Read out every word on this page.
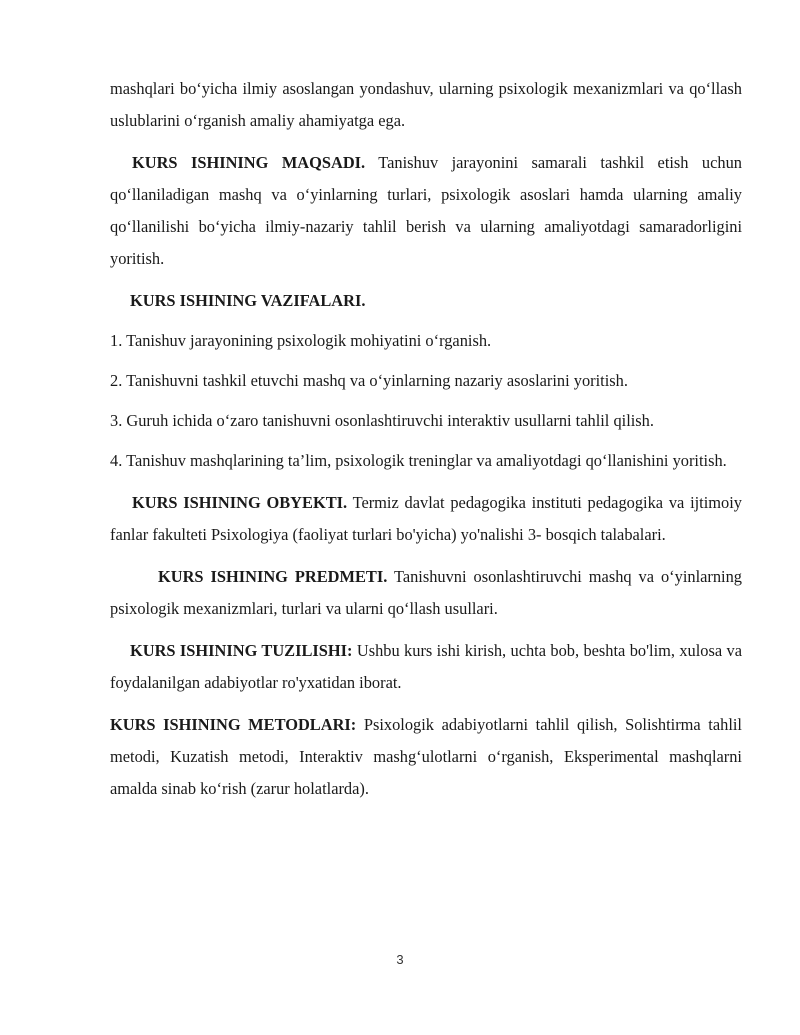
mashqlari bo‘yicha ilmiy asoslangan yondashuv, ularning psixologik mexanizmlari va qo‘llash uslublarini o‘rganish amaliy ahamiyatga ega.

KURS ISHINING MAQSADI. Tanishuv jarayonini samarali tashkil etish uchun qo‘llaniladigan mashq va o‘yinlarning turlari, psixologik asoslari hamda ularning amaliy qo‘llanilishi bo‘yicha ilmiy-nazariy tahlil berish va ularning amaliyotdagi samaradorligini yoritish.

KURS ISHINING VAZIFALARI.

1. Tanishuv jarayonining psixologik mohiyatini o‘rganish.

2. Tanishuvni tashkil etuvchi mashq va o‘yinlarning nazariy asoslarini yoritish.

3. Guruh ichida o‘zaro tanishuvni osonlashtiruvchi interaktiv usullarni tahlil qilish.

4. Tanishuv mashqlarining ta’lim, psixologik treninglar va amaliyotdagi qo‘llanishini yoritish.

KURS ISHINING OBYEKTI. Termiz davlat pedagogika instituti pedagogika va ijtimoiy fanlar fakulteti Psixologiya (faoliyat turlari bo'yicha) yo'nalishi 3- bosqich talabalari.

KURS ISHINING PREDMETI. Tanishuvni osonlashtiruvchi mashq va o‘yinlarning psixologik mexanizmlari, turlari va ularni qo‘llash usullari.

KURS ISHINING TUZILISHI: Ushbu kurs ishi kirish, uchta bob, beshta bo'lim, xulosa va foydalanilgan adabiyotlar ro'yxatidan iborat.

KURS ISHINING METODLARI: Psixologik adabiyotlarni tahlil qilish, Solishtirma tahlil metodi, Kuzatish metodi, Interaktiv mashg‘ulotlarni o‘rganish, Eksperimental mashqlarni amalda sinab ko‘rish (zarur holatlarda).

3
